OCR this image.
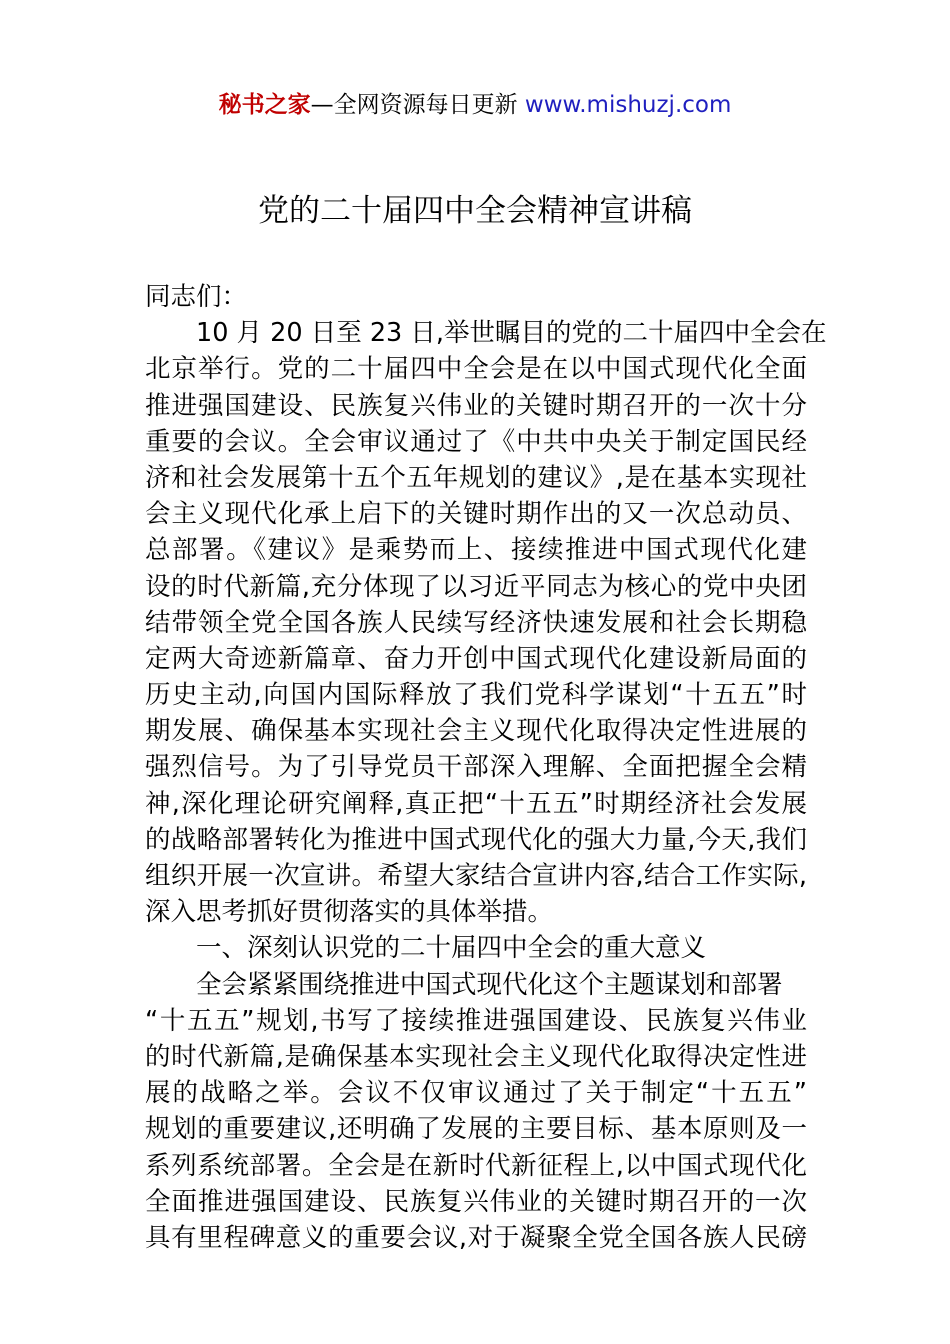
秘书之家—全网资源每日更新 www.mishuzj.com
党的二十届四中全会精神宣讲稿
同志们：
10 月 20 日至 23 日,举世瞩目的党的二十届四中全会在
北京举行。党的二十届四中全会是在以中国式现代化全面
推进强国建设、民族复兴伟业的关键时期召开的一次十分
重要的会议。全会审议通过了《中共中央关于制定国民经
济和社会发展第十五个五年规划的建议》,是在基本实现社
会主义现代化承上启下的关键时期作出的又一次总动员、
总部署。《建议》是乘势而上、接续推进中国式现代化建
设的时代新篇,充分体现了以习近平同志为核心的党中央团
结带领全党全国各族人民续写经济快速发展和社会长期稳
定两大奇迹新篇章、奋力开创中国式现代化建设新局面的
历史主动,向国内国际释放了我们党科学谋划“十五五”时
期发展、确保基本实现社会主义现代化取得决定性进展的
强烈信号。为了引导党员干部深入理解、全面把握全会精
神,深化理论研究阐释,真正把“十五五”时期经济社会发展
的战略部署转化为推进中国式现代化的强大力量,今天,我们
组织开展一次宣讲。希望大家结合宣讲内容,结合工作实际,
深入思考抓好贯彻落实的具体举措。
一、深刻认识党的二十届四中全会的重大意义
全会紧紧围绕推进中国式现代化这个主题谋划和部署
“十五五”规划,书写了接续推进强国建设、民族复兴伟业
的时代新篇,是确保基本实现社会主义现代化取得决定性进
展的战略之举。会议不仅审议通过了关于制定“十五五”
规划的重要建议,还明确了发展的主要目标、基本原则及一
系列系统部署。全会是在新时代新征程上,以中国式现代化
全面推进强国建设、民族复兴伟业的关键时期召开的一次
具有里程碑意义的重要会议,对于凝聚全党全国各族人民磅
